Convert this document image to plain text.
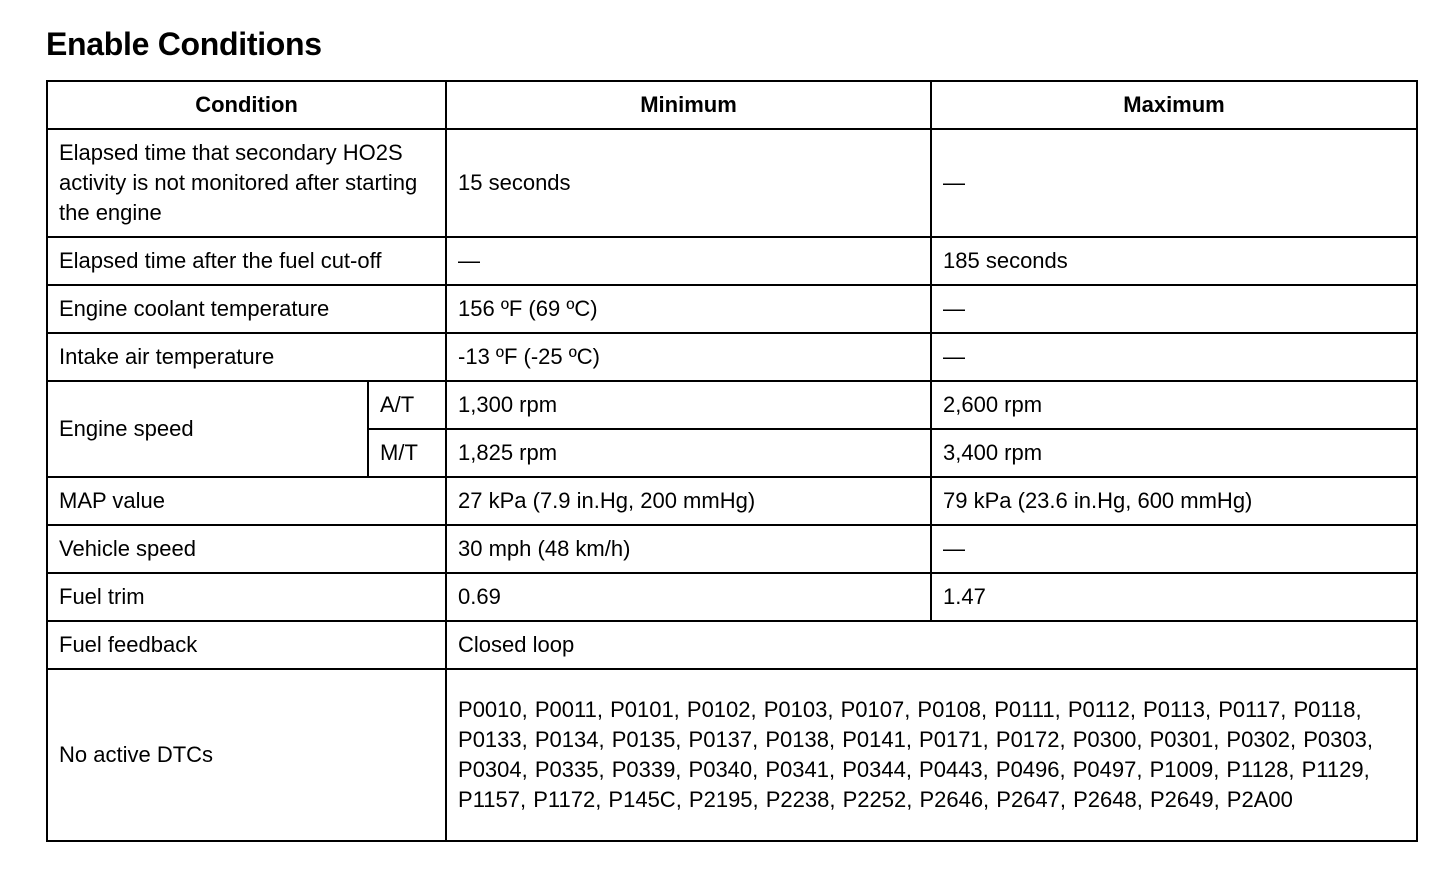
Enable Conditions
Condition		Minimum	Maximum
Elapsed time that secondary HO2S activity is not monitored after starting the engine		15 seconds	—
Elapsed time after the fuel cut-off		—	185 seconds
Engine coolant temperature		156 ºF (69 ºC)	—
Intake air temperature		-13 ºF (-25 ºC)	—
Engine speed	A/T	1,300 rpm	2,600 rpm
	M/T	1,825 rpm	3,400 rpm
MAP value		27 kPa (7.9 in.Hg, 200 mmHg)	79 kPa (23.6 in.Hg, 600 mmHg)
Vehicle speed		30 mph (48 km/h)	—
Fuel trim		0.69	1.47
Fuel feedback		Closed loop	
No active DTCs		P0010, P0011, P0101, P0102, P0103, P0107, P0108, P0111, P0112, P0113, P0117, P0118, P0133, P0134, P0135, P0137, P0138, P0141, P0171, P0172, P0300, P0301, P0302, P0303, P0304, P0335, P0339, P0340, P0341, P0344, P0443, P0496, P0497, P1009, P1128, P1129, P1157, P1172, P145C, P2195, P2238, P2252, P2646, P2647, P2648, P2649, P2A00	
